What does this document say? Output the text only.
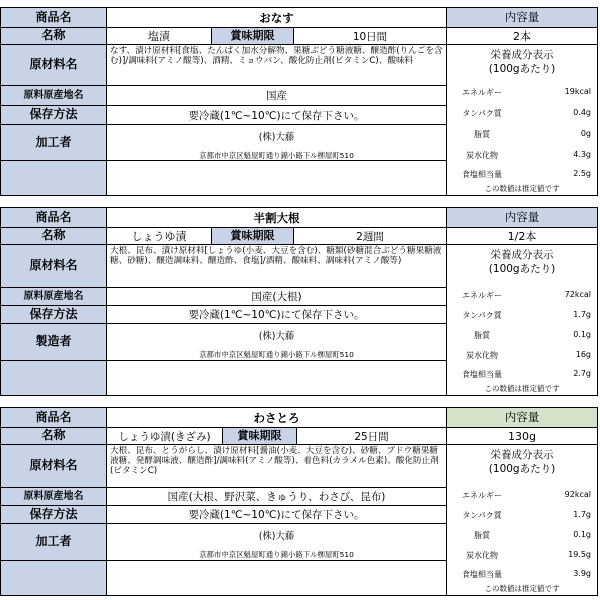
商品名	おなす	内容量
名称	塩漬	賞味期限	10日間	2本
原材料名
なす、漬け原材料[食塩、たんぱく加水分解物、果糖ぶどう糖液糖、醸造酢(りんごを含む)]/調味料(アミノ酸等)、酒精、ミョウバン、酸化防止剤(ビタミンC)、酸味料
原料原産地名	国産
保存方法	要冷蔵(1℃~10℃)にて保存下さい。
加工者	(株)大藤
京都市中京区魁屋町通り錦小路下ル栁屋町510
栄養成分表示
(100gあたり)
エネルギー	19kcal
タンパク質	0.4g
脂質	0g
炭水化物	4.3g
食塩相当量	2.5g
この数値は推定値です
商品名	半割大根	内容量
名称	しょうゆ漬	賞味期限	2週間	1/2本
原材料名
大根、昆布、漬け原材料[しょうゆ(小麦、大豆を含む)、糖類(砂糖混合ぶどう糖果糖液糖、砂糖)、醸造調味料、醸造酢、食塩]/酒精、酸味料、調味料(アミノ酸等)
原料原産地名	国産(大根)
保存方法	要冷蔵(1℃~10℃)にて保存下さい。
製造者	(株)大藤
京都市中京区魁屋町通り錦小路下ル栁屋町510
栄養成分表示
(100gあたり)
エネルギー	72kcal
タンパク質	1.7g
脂質	0.1g
炭水化物	16g
食塩相当量	2.7g
この数値は推定値です
商品名	わさとろ	内容量
名称	しょうゆ漬(きざみ) 賞味期限	25日間	130g
原材料名
大根、昆布、とうがらし、漬け原材料[醤油(小麦、大豆を含む)、砂糖、ブドウ糖果糖液糖、発酵調味液、醸造酢]/調味料(アミノ酸等)、着色料(カラメル色素)、酸化防止剤(ビタミンC)
原料原産地名	国産(大根、野沢菜、きゅうり、わさび、昆布)
保存方法	要冷蔵(1℃~10℃)にて保存下さい。
加工者	(株)大藤
京都市中京区魁屋町通り錦小路下ル栁屋町510
栄養成分表示
(100gあたり)
エネルギー	92kcal
タンパク質	1.7g
脂質	0.1g
炭水化物	19.5g
食塩相当量	3.9g
この数値は推定値です
